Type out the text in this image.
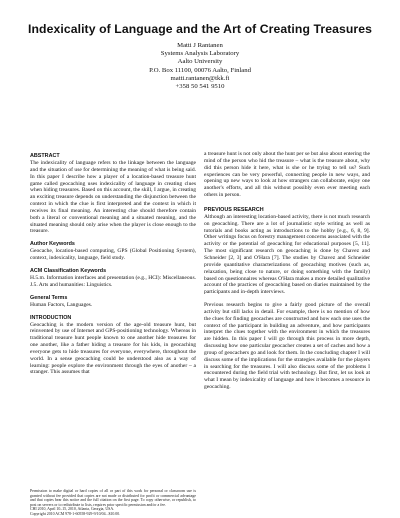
Indexicality of Language and the Art of Creating Treasures
Matti J Rantanen
Systems Analysis Laboratory
Aalto University
P.O. Box 11100, 00076 Aalto, Finland
matti.rantanen@tkk.fi
+358 50 541 9510
ABSTRACT

The indexicality of language refers to the linkage between the language and the situation of use for determining the meaning of what is being said. In this paper I describe how a player of a location-based treasure hunt game called geocaching uses indexicality of language in creating clues when hiding treasures. Based on this account, the skill, I argue, in creating an exciting treasure depends on understanding the disjunction between the context in which the clue is first interpreted and the context in which it receives its final meaning. An interesting clue should therefore contain both a literal or conventional meaning and a situated meaning, and the situated meaning should only arise when the player is close enough to the treasure.

Author Keywords

Geocache, location-based computing, GPS (Global Positioning System), context, indexicality, language, field study.

ACM Classification Keywords

H.5.m. Information interfaces and presentation (e.g., HCI): Miscellaneous. J.5. Arts and humanities: Linguistics.

General Terms

Human Factors, Languages.

INTRODUCTION

Geocaching is the modern version of the age-old treasure hunt, but reinvented by use of Internet and GPS-positioning technology. Whereas in traditional treasure hunt people known to one another hide treasures for one another, like a father hiding a treasure for his kids, in geocaching everyone gets to hide treasures for everyone, everywhere, throughout the world. In a sense geocaching could be understood also as a way of learning: people explore the environment through the eyes of another – a stranger. This assumes that

a treasure hunt is not only about the hunt per se but also about entering the mind of the person who hid the treasure – what is the treasure about, why did this person hide it here, what is she or he trying to tell us? Such experiences can be very powerful, connecting people in new ways, and opening up new ways to look at how strangers can collaborate, enjoy one another's efforts, and all this without possibly even ever meeting each others in person.

PREVIOUS RESEARCH

Although an interesting location-based activity, there is not much research on geocaching. There are a lot of journalistic style writing as well as tutorials and books acting as introductions to the hobby [e.g., 6, 8, 9]. Other writings focus on forestry management concerns associated with the activity or the potential of geocaching for educational purposes [5, 11]. The most significant research on geocaching is done by Chavez and Schneider [2, 3] and O'Hara [7]. The studies by Chavez and Schneider provide quantitative characterizations of geocaching motives (such as, relaxation, being close to nature, or doing something with the family) based on questionnaires whereas O'Hara makes a more detailed qualitative account of the practices of geocaching based on diaries maintained by the participants and in-depth interviews.

Previous research begins to give a fairly good picture of the overall activity but still lacks in detail. For example, there is no mention of how the clues for finding geocaches are constructed and how each one uses the context of the participant in building an adventure, and how participants interpret the clues together with the environment in which the treasures are hidden. In this paper I will go through this process in more depth, discussing how one particular geocacher creates a set of caches and how a group of geocachers go and look for them. In the concluding chapter I will discuss some of the implications for the strategies available for the players in searching for the treasures. I will also discuss some of the problems I encountered during the field trial with technology. But first, let us look at what I mean by indexicality of language and how it becomes a resource in geocaching.

Permission to make digital or hard copies of all or part of this work for personal or classroom use is granted without fee provided that copies are not made or distributed for profit or commercial advantage and that copies bear this notice and the full citation on the first page. To copy otherwise, or republish, to post on servers or to redistribute to lists, requires prior specific permission and/or a fee.
CHI 2010, April 10–15, 2010, Atlanta, Georgia, USA.
Copyright 2010 ACM 978-1-60558-929-9/10/04...$10.00.
